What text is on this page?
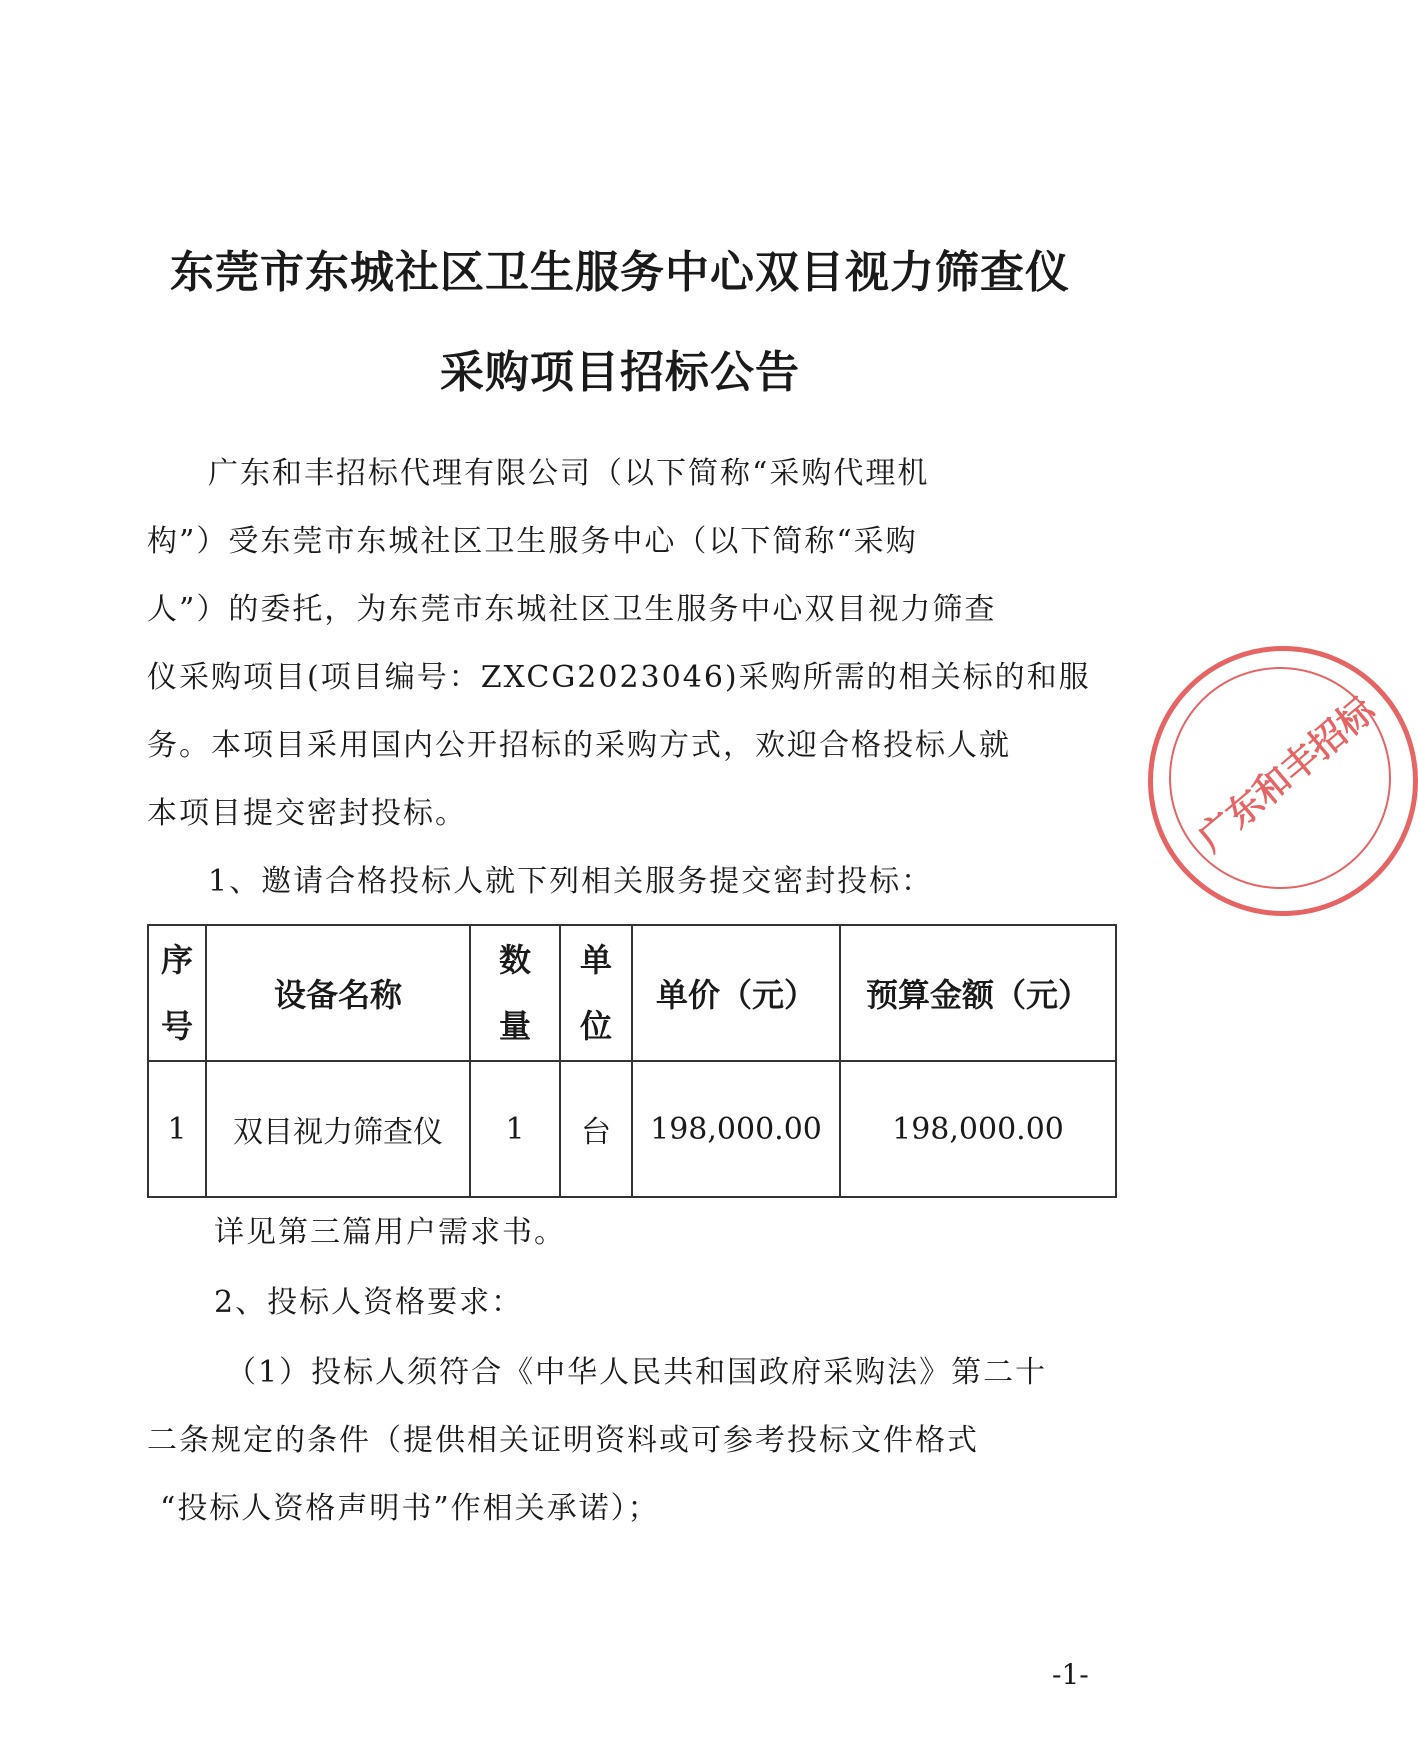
东莞市东城社区卫生服务中心双目视力筛查仪
采购项目招标公告
广东和丰招标代理有限公司（以下简称“采购代理机
构”）受东莞市东城社区卫生服务中心（以下简称“采购
人”）的委托，为东莞市东城社区卫生服务中心双目视力筛查
仪采购项目(项目编号：ZXCG2023046)采购所需的相关标的和服
务。本项目采用国内公开招标的采购方式，欢迎合格投标人就
本项目提交密封投标。
1、邀请合格投标人就下列相关服务提交密封投标：
序号	设备名称	数量	单位	单价（元）	预算金额（元）
1	双目视力筛查仪	1	台	198,000.00	198,000.00
详见第三篇用户需求书。
2、投标人资格要求：
（1）投标人须符合《中华人民共和国政府采购法》第二十
二条规定的条件（提供相关证明资料或可参考投标文件格式
“投标人资格声明书”作相关承诺）；
-1-
广东和丰招标
